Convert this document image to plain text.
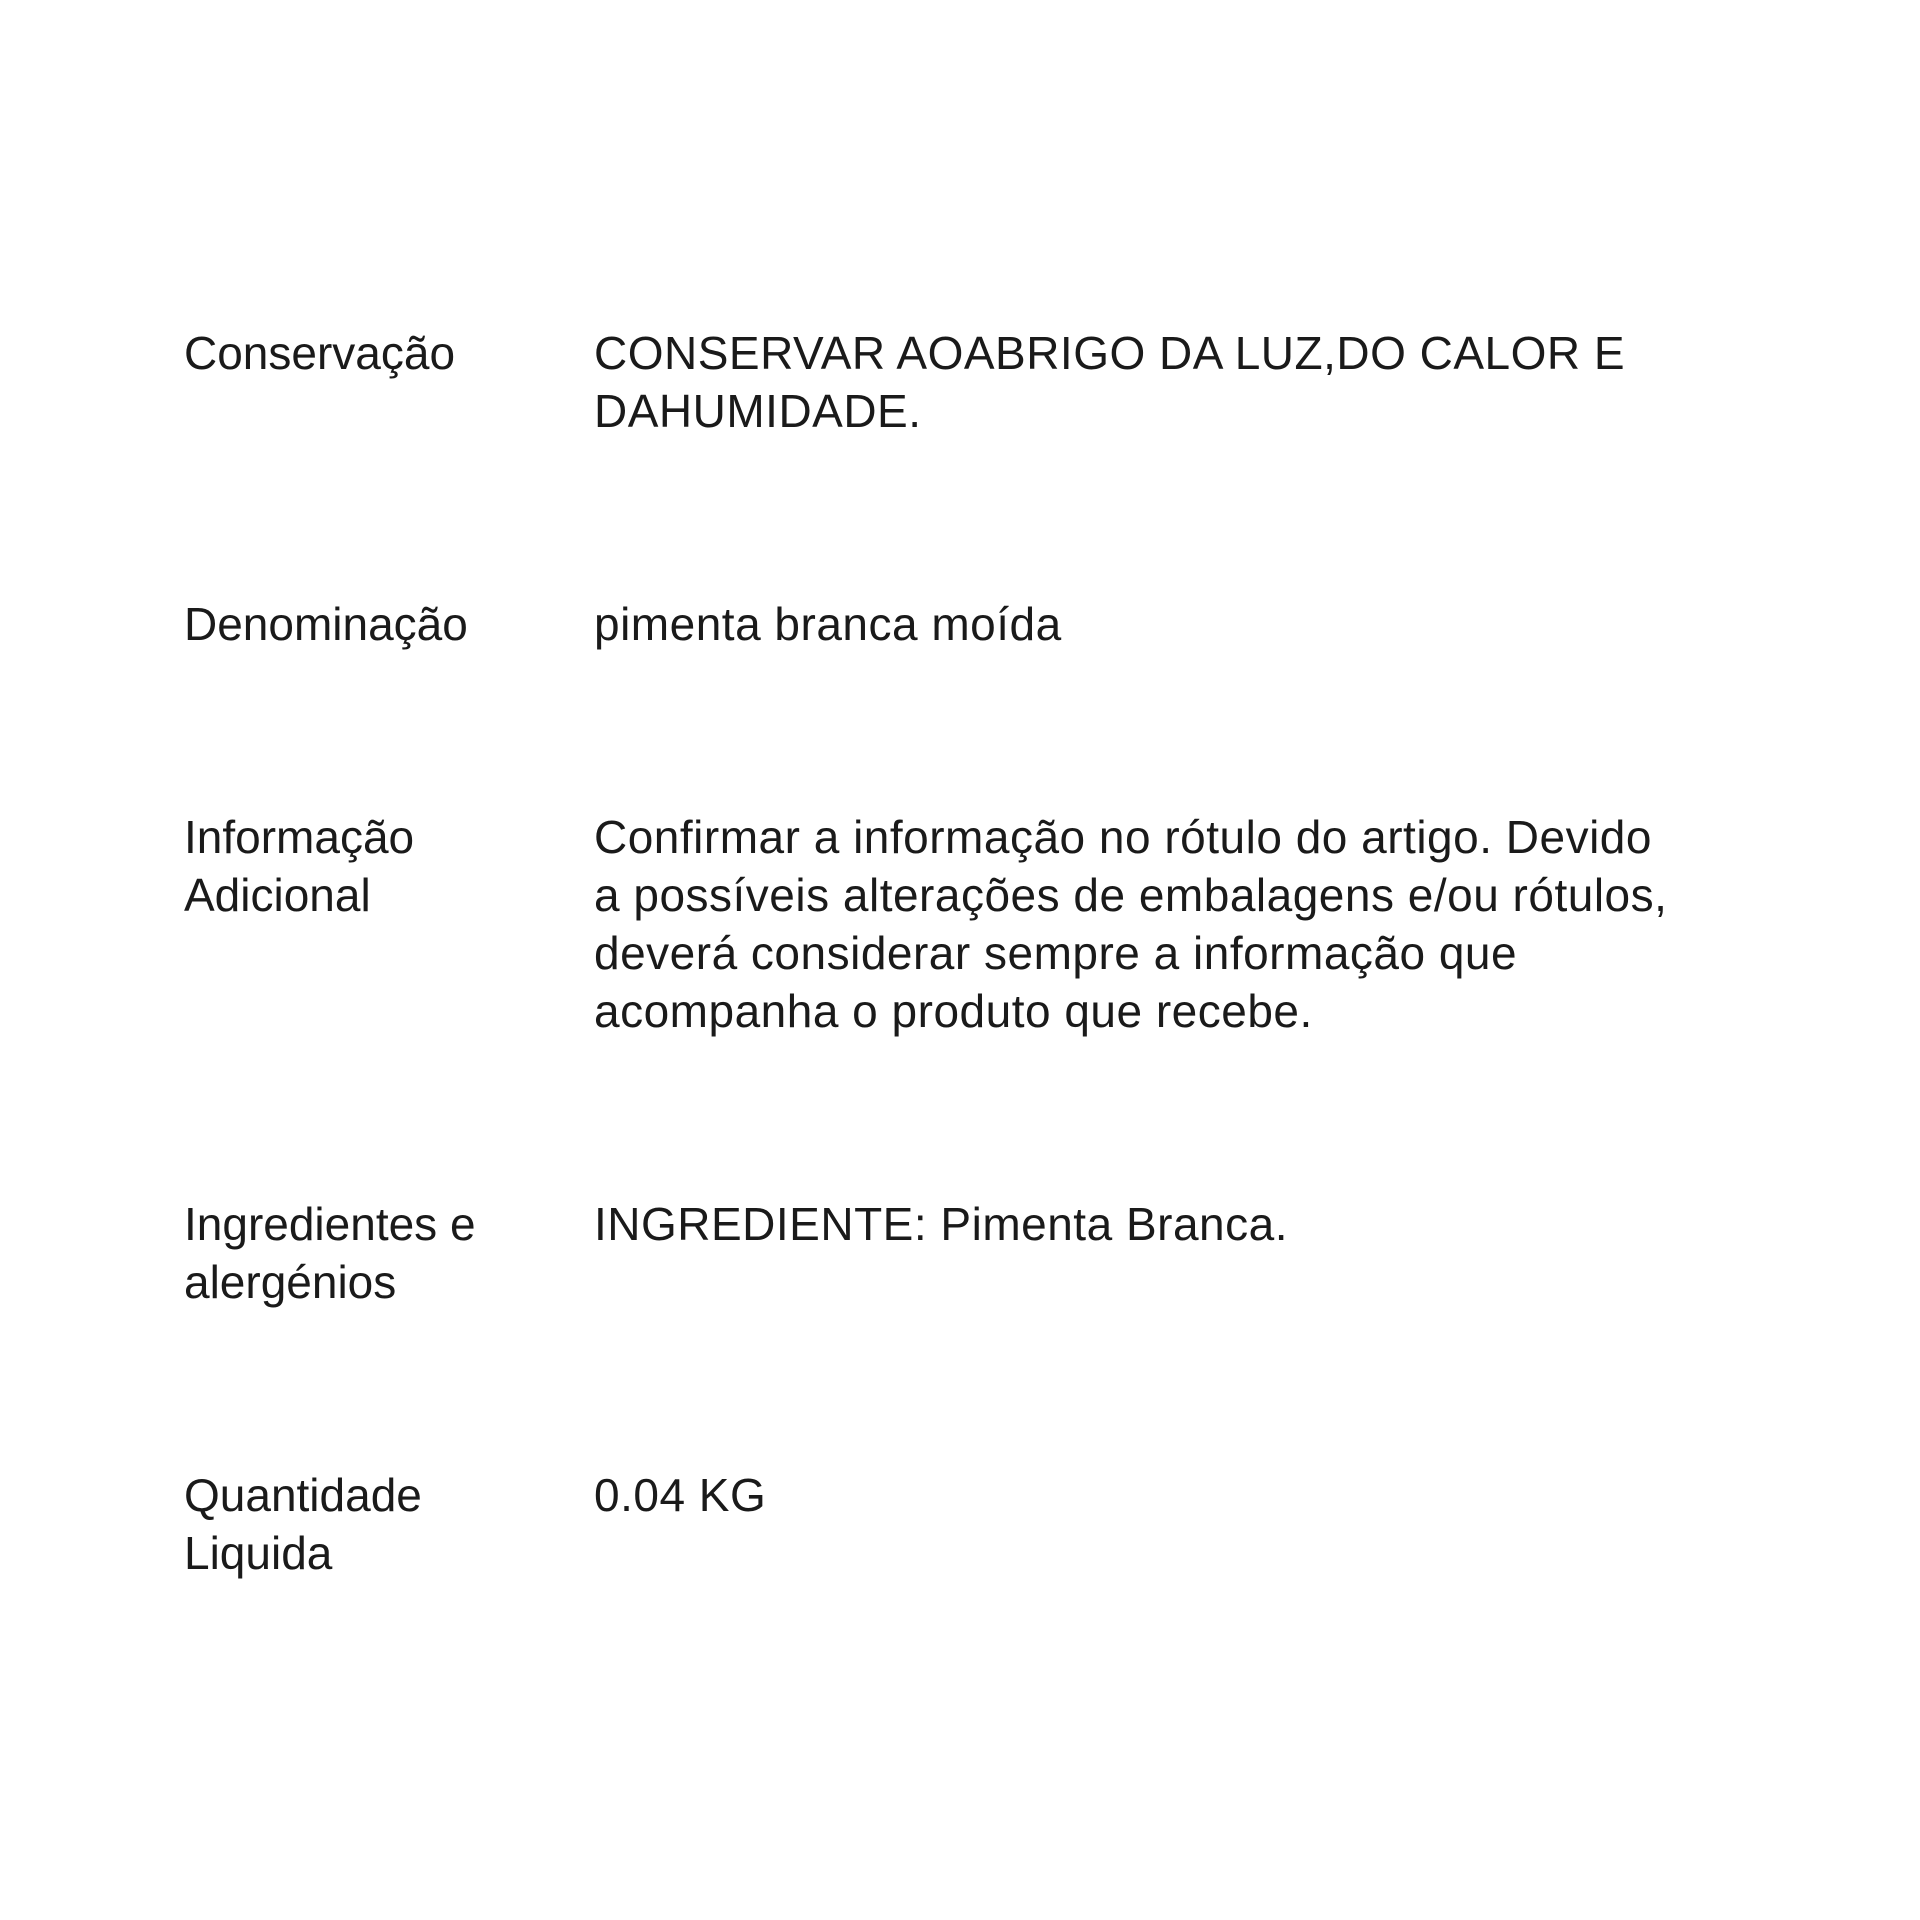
Conservação	CONSERVAR AOABRIGO DA LUZ,DO CALOR E
DAHUMIDADE.
Denominação	pimenta branca moída
Informação
Adicional
Confirmar a informação no rótulo do artigo. Devido
a possíveis alterações de embalagens e/ou rótulos,
deverá considerar sempre a informação que
acompanha o produto que recebe.
Ingredientes e
alergénios
INGREDIENTE: Pimenta Branca.
Quantidade
Liquida
0.04 KG
